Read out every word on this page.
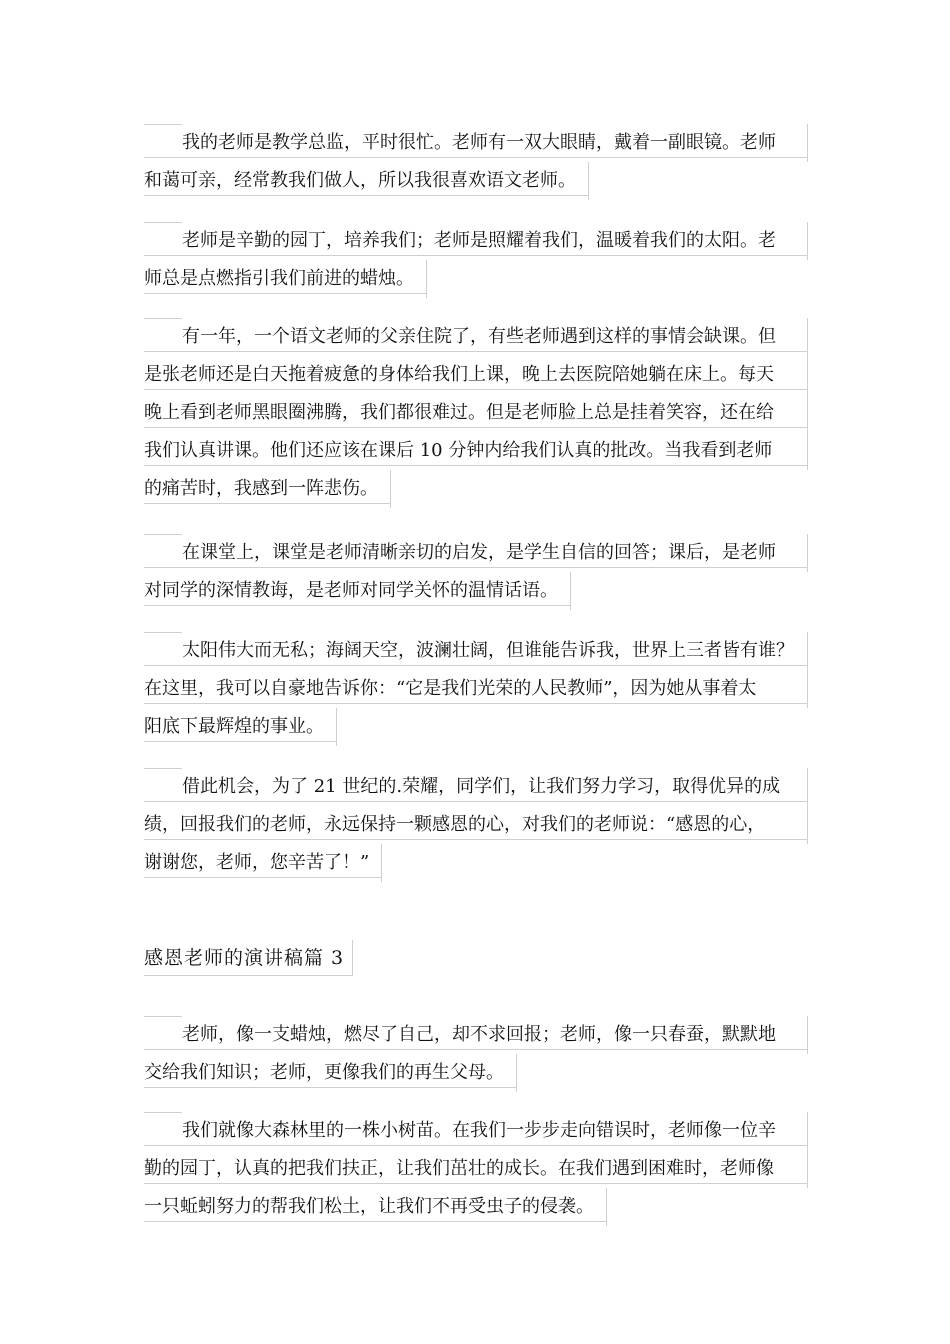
我的老师是教学总监，平时很忙。老师有一双大眼睛，戴着一副眼镜。老师
和蔼可亲，经常教我们做人，所以我很喜欢语文老师。
老师是辛勤的园丁，培养我们；老师是照耀着我们，温暖着我们的太阳。老
师总是点燃指引我们前进的蜡烛。
有一年，一个语文老师的父亲住院了，有些老师遇到这样的事情会缺课。但
是张老师还是白天拖着疲惫的身体给我们上课，晚上去医院陪她躺在床上。每天
晚上看到老师黑眼圈沸腾，我们都很难过。但是老师脸上总是挂着笑容，还在给
我们认真讲课。他们还应该在课后 10 分钟内给我们认真的批改。当我看到老师
的痛苦时，我感到一阵悲伤。
在课堂上，课堂是老师清晰亲切的启发，是学生自信的回答；课后，是老师
对同学的深情教诲，是老师对同学关怀的温情话语。
太阳伟大而无私；海阔天空，波澜壮阔，但谁能告诉我，世界上三者皆有谁？
在这里，我可以自豪地告诉你：“它是我们光荣的人民教师”，因为她从事着太
阳底下最辉煌的事业。
借此机会，为了 21 世纪的.荣耀，同学们，让我们努力学习，取得优异的成
绩，回报我们的老师，永远保持一颗感恩的心，对我们的老师说：“感恩的心，
谢谢您，老师，您辛苦了！”
感恩老师的演讲稿篇 3
老师，像一支蜡烛，燃尽了自己，却不求回报；老师，像一只春蚕，默默地
交给我们知识；老师，更像我们的再生父母。
我们就像大森林里的一株小树苗。在我们一步步走向错误时，老师像一位辛
勤的园丁，认真的把我们扶正，让我们茁壮的成长。在我们遇到困难时，老师像
一只蚯蚓努力的帮我们松土，让我们不再受虫子的侵袭。
